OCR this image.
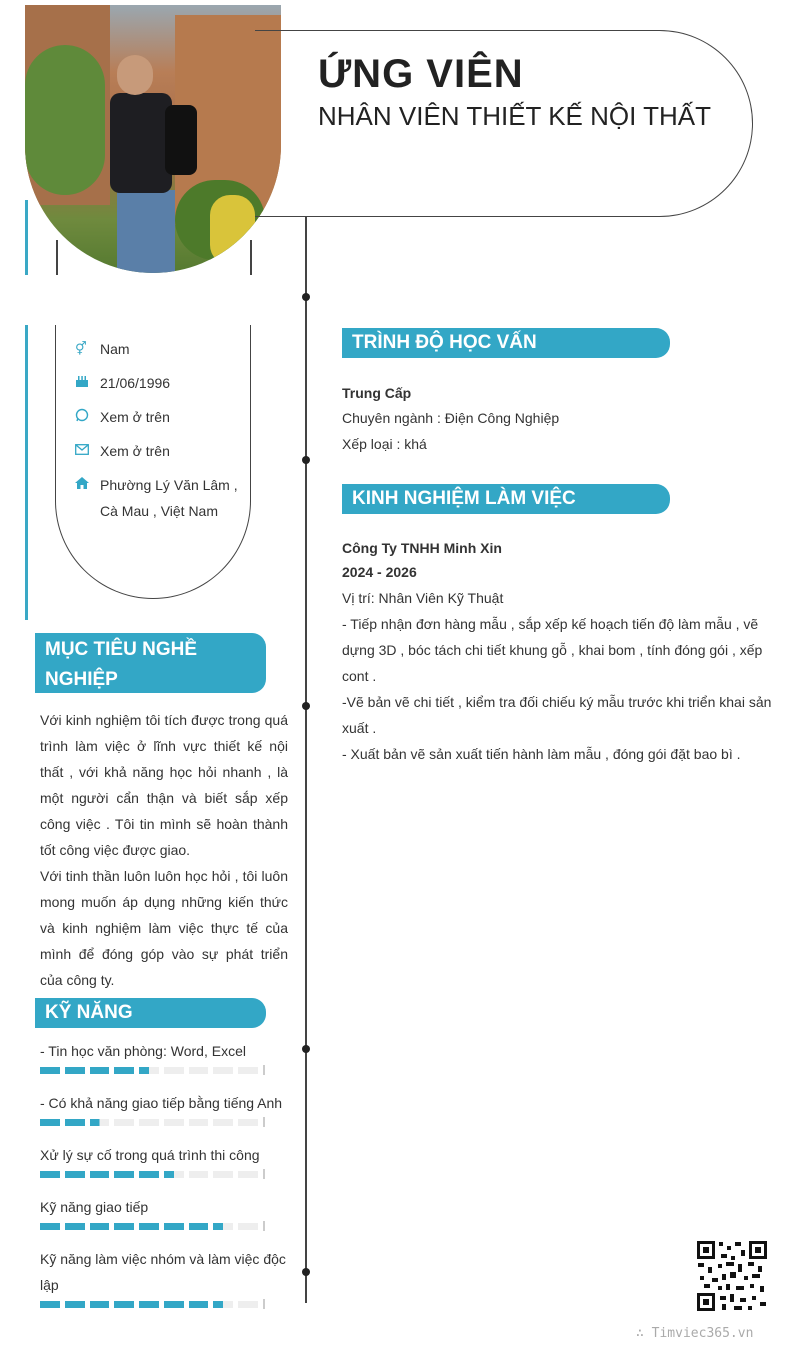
ỨNG VIÊN
NHÂN VIÊN THIẾT KẾ NỘI THẤT
⚥ Nam
21/06/1996
Xem ở trên
Xem ở trên
Phường Lý Văn Lâm ,
Cà Mau , Việt Nam
MỤC TIÊU NGHỀ NGHIỆP
Với kinh nghiệm tôi tích được trong quá trình làm việc ở lĩnh vực thiết kế nội thất , với khả năng học hỏi nhanh , là một người cẩn thận và biết sắp xếp công việc . Tôi tin mình sẽ hoàn thành tốt công việc được giao.
Với tinh thần luôn luôn học hỏi , tôi luôn mong muốn áp dụng những kiến thức và kinh nghiệm làm việc thực tế của mình để đóng góp vào sự phát triển của công ty.
KỸ NĂNG
- Tin học văn phòng: Word, Excel
- Có khả năng giao tiếp bằng tiếng Anh
Xử lý sự cố trong quá trình thi công
Kỹ năng giao tiếp
Kỹ năng làm việc nhóm và làm việc độc lập
TRÌNH ĐỘ HỌC VẤN
Trung Cấp
Chuyên ngành : Điện Công Nghiệp
Xếp loại : khá
KINH NGHIỆM LÀM VIỆC
Công Ty TNHH Minh Xin
2024 - 2026
Vị trí: Nhân Viên Kỹ Thuật
- Tiếp nhận đơn hàng mẫu , sắp xếp kế hoạch tiến độ làm mẫu , vẽ dựng 3D , bóc tách chi tiết khung gỗ , khai bom , tính đóng gói , xếp cont .
-Vẽ bản vẽ chi tiết , kiểm tra đối chiếu ký mẫu trước khi triển khai sản xuất .
- Xuất bản vẽ sản xuất tiến hành làm mẫu , đóng gói đặt bao bì .
∴ Timviec365.vn
